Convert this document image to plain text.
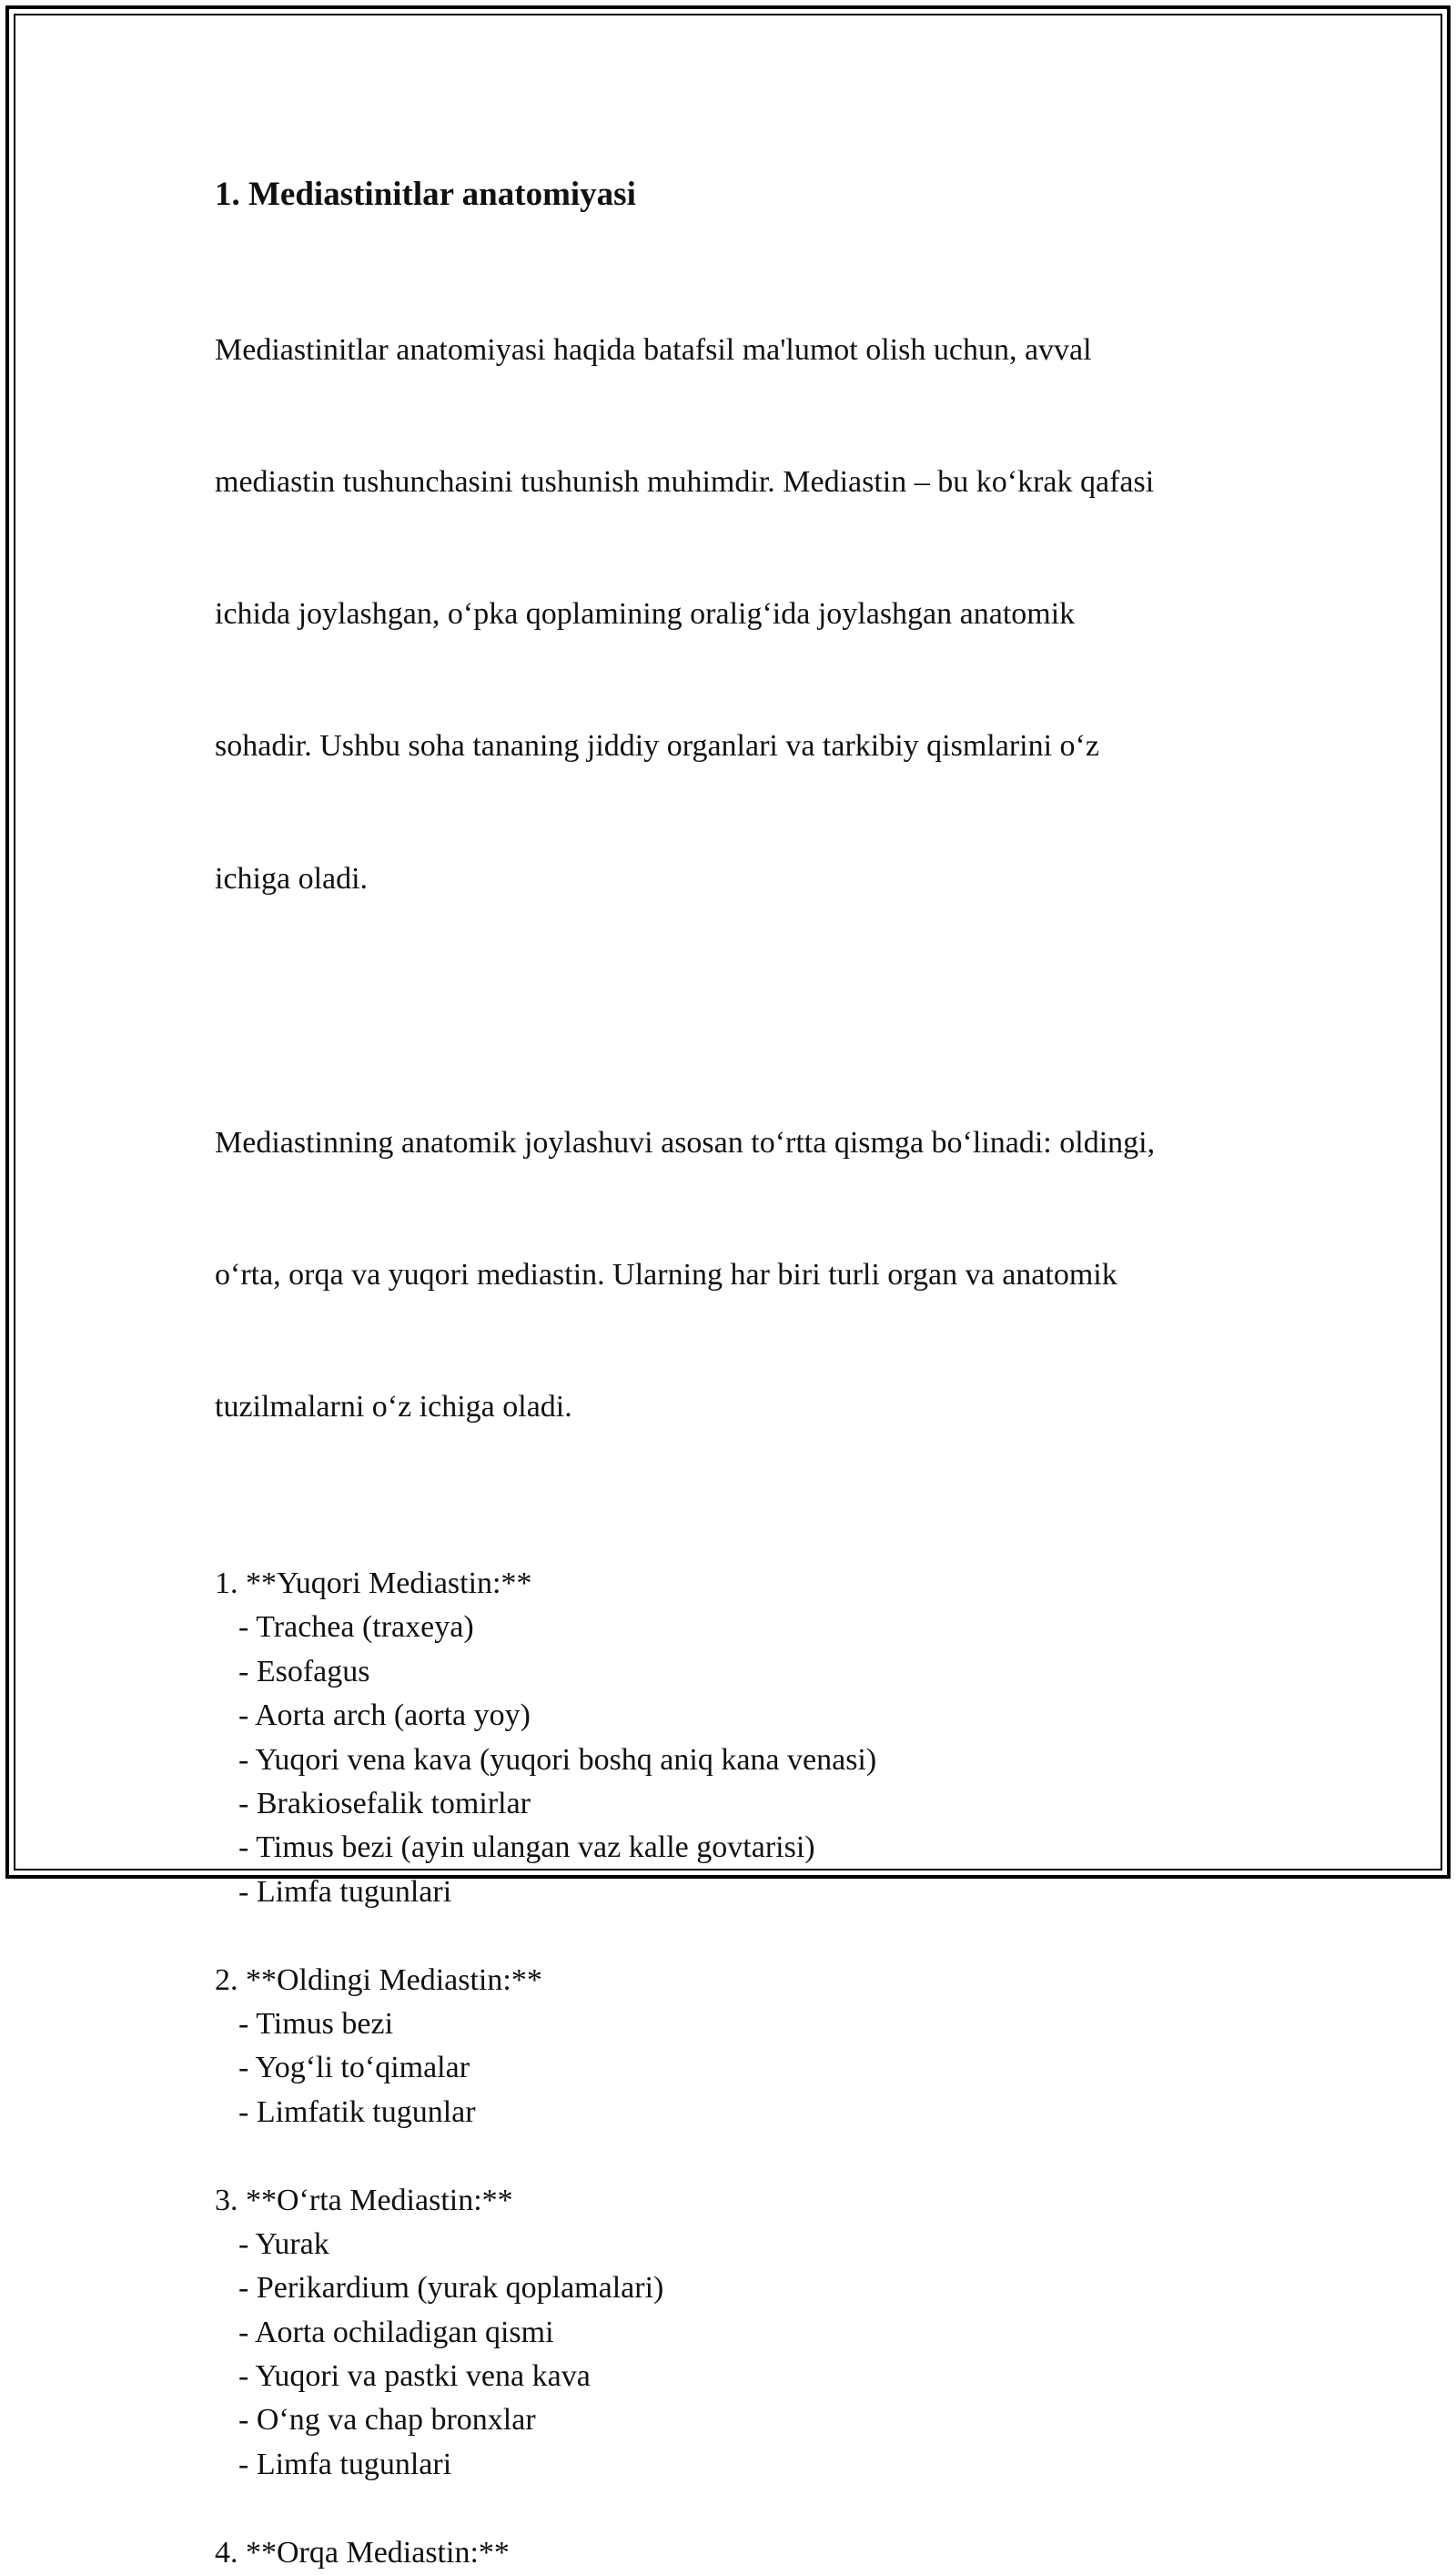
1. Mediastinitlar anatomiyasi

Mediastinitlar anatomiyasi haqida batafsil ma'lumot olish uchun, avval

mediastin tushunchasini tushunish muhimdir. Mediastin – bu koʻkrak qafasi

ichida joylashgan, oʻpka qoplamining oraligʻida joylashgan anatomik

sohadir. Ushbu soha tananing jiddiy organlari va tarkibiy qismlarini oʻz

ichiga oladi.

Mediastinning anatomik joylashuvi asosan toʻrtta qismga boʻlinadi: oldingi,

oʻrta, orqa va yuqori mediastin. Ularning har biri turli organ va anatomik

tuzilmalarni oʻz ichiga oladi.

1. **Yuqori Mediastin:**
- Trachea (traxeya)
- Esofagus
- Aorta arch (aorta yoy)
- Yuqori vena kava (yuqori boshq aniq kana venasi)
- Brakiosefalik tomirlar
- Timus bezi (ayin ulangan vaz kalle govtarisi)
- Limfa tugunlari
2. **Oldingi Mediastin:**
- Timus bezi
- Yogʻli toʻqimalar
- Limfatik tugunlar
3. **Oʻrta Mediastin:**
- Yurak
- Perikardium (yurak qoplamalari)
- Aorta ochiladigan qismi
- Yuqori va pastki vena kava
- Oʻng va chap bronxlar
- Limfa tugunlari
4. **Orqa Mediastin:**
